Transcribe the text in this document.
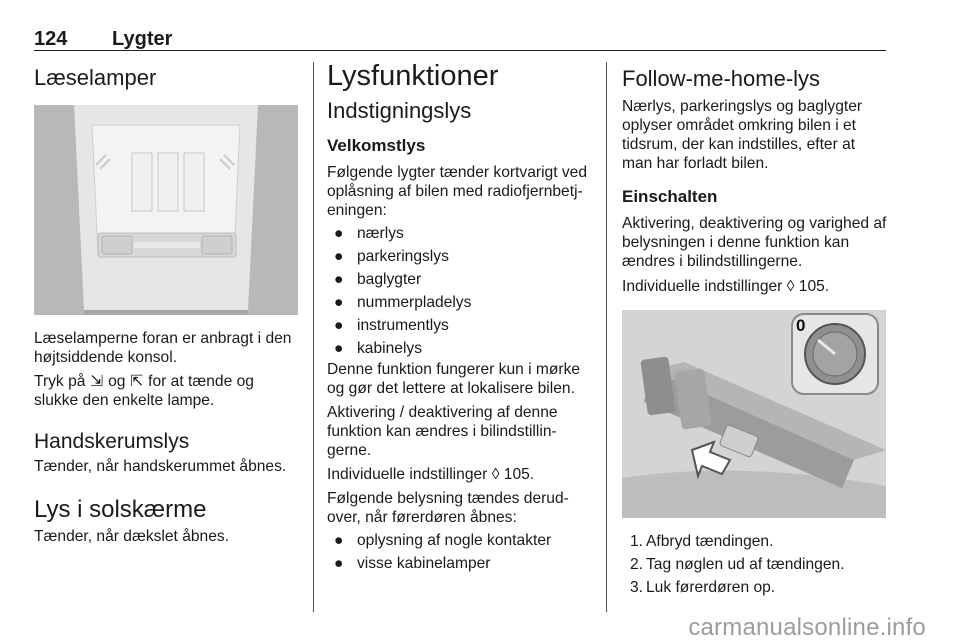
124 Lygter
Læselamper

Læselamperne foran er anbragt i den højtsiddende konsol.

Tryk på ⇲ og ⇱ for at tænde og slukke den enkelte lampe.

Handskerumslys

Tænder, når handskerummet åbnes.

Lys i solskærme

Tænder, når dækslet åbnes.

Lysfunktioner
Indstigningslys
Velkomstlys

Følgende lygter tænder kortvarigt ved oplåsning af bilen med radiofjernbetjeningen:

● nærlys
● parkeringslys
● baglygter
● nummerpladelys
● instrumentlys
● kabinelys

Denne funktion fungerer kun i mørke og gør det lettere at lokalisere bilen.

Aktivering / deaktivering af denne funktion kan ændres i bilindstillingerne.

Individuelle indstillinger ◊ 105.

Følgende belysning tændes derudover, når førerdøren åbnes:

● oplysning af nogle kontakter
● visse kabinelamper
Follow-me-home-lys

Nærlys, parkeringslys og baglygter oplyser området omkring bilen i et tidsrum, der kan indstilles, efter at man har forladt bilen.

Einschalten

Aktivering, deaktivering og varighed af belysningen i denne funktion kan ændres i bilindstillingerne.

Individuelle indstillinger ◊ 105.

0
1. Afbryd tændingen.
2. Tag nøglen ud af tændingen.
3. Luk førerdøren op.
carmanualsonline.info
